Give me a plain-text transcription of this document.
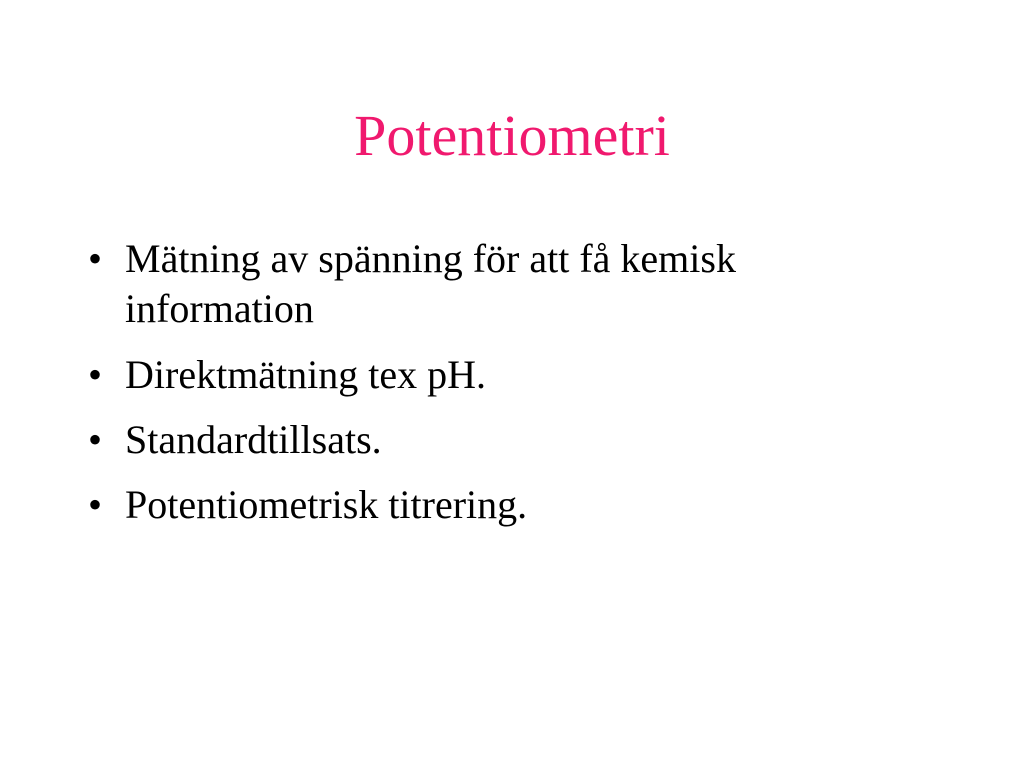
Potentiometri
• Mätning av spänning för att få kemisk information
• Direktmätning tex pH.
• Standardtillsats.
• Potentiometrisk titrering.
